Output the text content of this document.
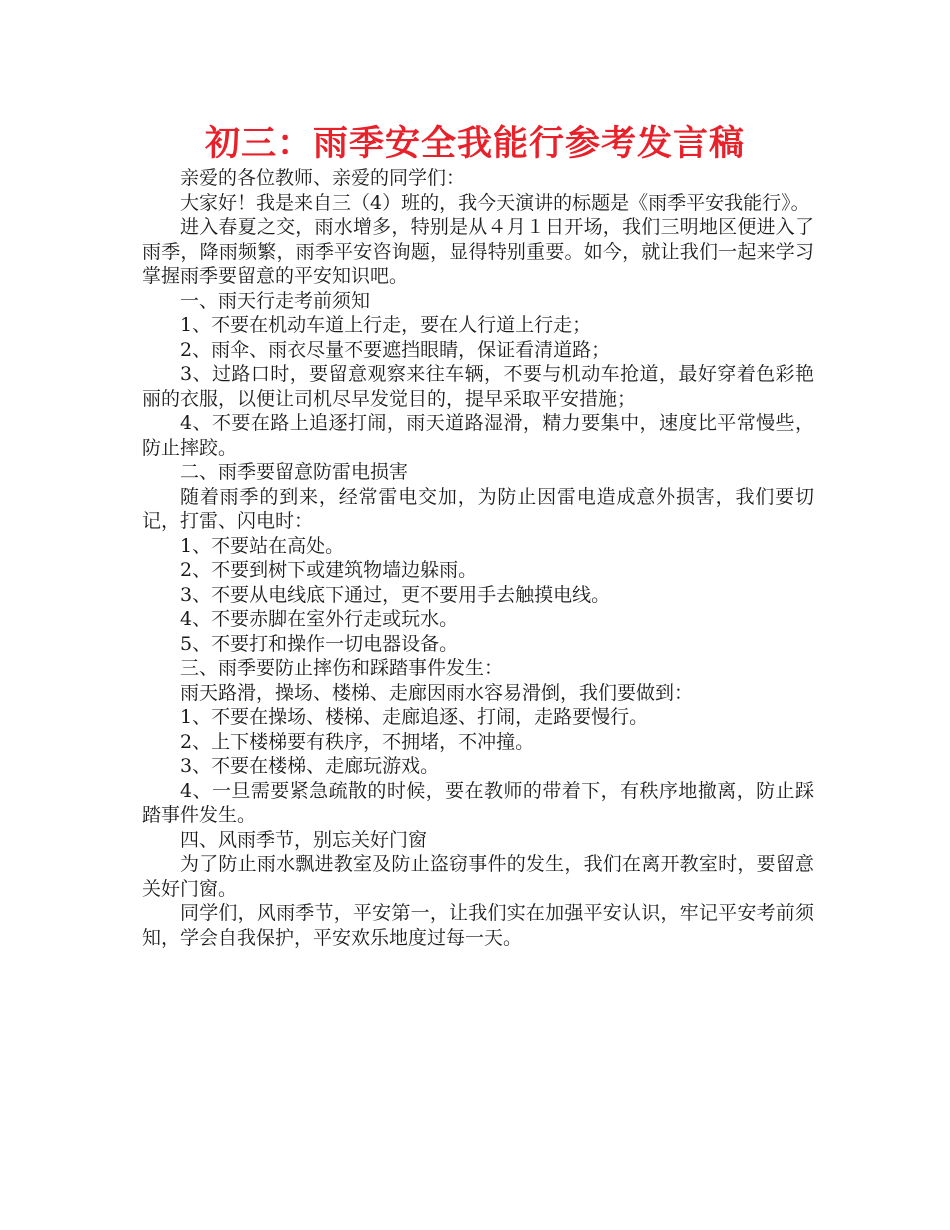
初三：雨季安全我能行参考发言稿

亲爱的各位教师、亲爱的同学们：

大家好！我是来自三（4）班的，我今天演讲的标题是《雨季平安我能行》。

进入春夏之交，雨水增多，特别是从４月１日开场，我们三明地区便进入了雨季，降雨频繁，雨季平安咨询题，显得特别重要。如今，就让我们一起来学习掌握雨季要留意的平安知识吧。

一、雨天行走考前须知

1、不要在机动车道上行走，要在人行道上行走；

2、雨伞、雨衣尽量不要遮挡眼睛，保证看清道路；

3、过路口时，要留意观察来往车辆，不要与机动车抢道，最好穿着色彩艳丽的衣服，以便让司机尽早发觉目的，提早采取平安措施；

4、不要在路上追逐打闹，雨天道路湿滑，精力要集中，速度比平常慢些，防止摔跤。

二、雨季要留意防雷电损害

随着雨季的到来，经常雷电交加，为防止因雷电造成意外损害，我们要切记，打雷、闪电时：

1、不要站在高处。

2、不要到树下或建筑物墙边躲雨。

3、不要从电线底下通过，更不要用手去触摸电线。

4、不要赤脚在室外行走或玩水。

5、不要打和操作一切电器设备。

三、雨季要防止摔伤和踩踏事件发生：

雨天路滑，操场、楼梯、走廊因雨水容易滑倒，我们要做到：

1、不要在操场、楼梯、走廊追逐、打闹，走路要慢行。

2、上下楼梯要有秩序，不拥堵，不冲撞。

3、不要在楼梯、走廊玩游戏。

4、一旦需要紧急疏散的时候，要在教师的带着下，有秩序地撤离，防止踩踏事件发生。

四、风雨季节，别忘关好门窗

为了防止雨水飘进教室及防止盗窃事件的发生，我们在离开教室时，要留意关好门窗。

同学们，风雨季节，平安第一，让我们实在加强平安认识，牢记平安考前须知，学会自我保护，平安欢乐地度过每一天。
